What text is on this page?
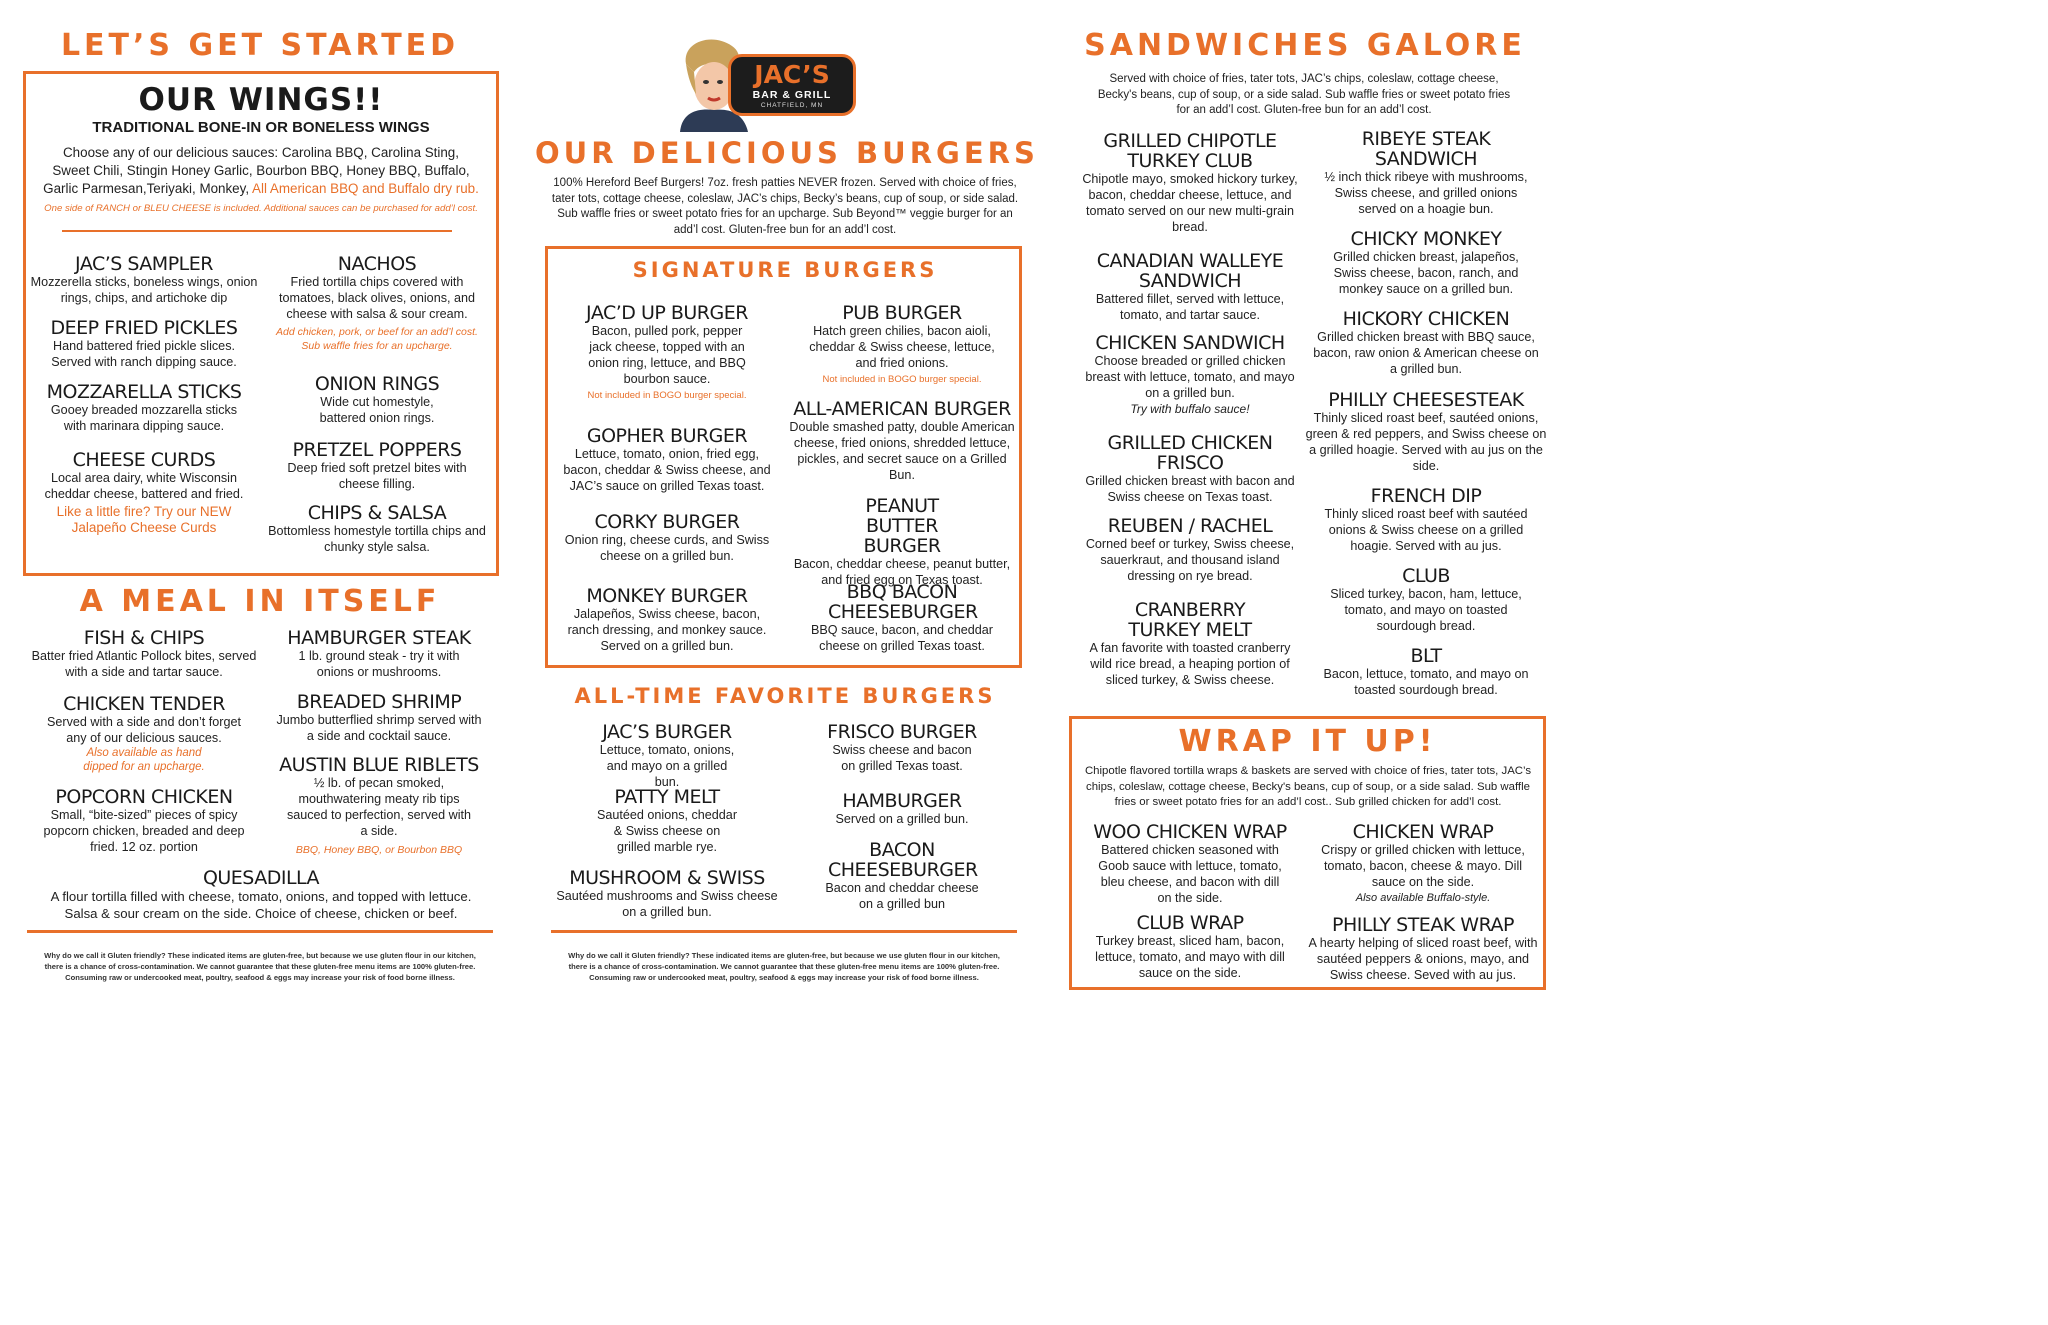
LET’S GET STARTED
OUR WINGS!!
TRADITIONAL BONE-IN OR BONELESS WINGS

Choose any of our delicious sauces: Carolina BBQ, Carolina Sting, Sweet Chili, Stingin Honey Garlic, Bourbon BBQ, Honey BBQ, Buffalo, Garlic Parmesan,Teriyaki, Monkey, All American BBQ and Buffalo dry rub.

One side of RANCH or BLEU CHEESE is included. Additional sauces can be purchased for add’l cost.

JAC’S SAMPLER

Mozzerella sticks, boneless wings, onion rings, chips, and artichoke dip

DEEP FRIED PICKLES

Hand battered fried pickle slices. Served with ranch dipping sauce.

MOZZARELLA STICKS

Gooey breaded mozzarella sticks with marinara dipping sauce.

CHEESE CURDS

Local area dairy, white Wisconsin cheddar cheese, battered and fried.

Like a little fire? Try our NEW Jalapeño Cheese Curds

NACHOS

Fried tortilla chips covered with tomatoes, black olives, onions, and cheese with salsa & sour cream.

Add chicken, pork, or beef for an add’l cost. Sub waffle fries for an upcharge.

ONION RINGS

Wide cut homestyle, battered onion rings.

PRETZEL POPPERS

Deep fried soft pretzel bites with cheese filling.

CHIPS & SALSA

Bottomless homestyle tortilla chips and chunky style salsa.

A MEAL IN ITSELF
FISH & CHIPS

Batter fried Atlantic Pollock bites, served with a side and tartar sauce.

CHICKEN TENDER

Served with a side and don’t forget any of our delicious sauces.

Also available as hand dipped for an upcharge.

POPCORN CHICKEN

Small, “bite-sized” pieces of spicy popcorn chicken, breaded and deep fried. 12 oz. portion

HAMBURGER STEAK

1 lb. ground steak - try it with onions or mushrooms.

BREADED SHRIMP

Jumbo butterflied shrimp served with a side and cocktail sauce.

AUSTIN BLUE RIBLETS

½ lb. of pecan smoked, mouthwatering meaty rib tips sauced to perfection, served with a side.

BBQ, Honey BBQ, or Bourbon BBQ

QUESADILLA

A flour tortilla filled with cheese, tomato, onions, and topped with lettuce. Salsa & sour cream on the side. Choice of cheese, chicken or beef.

Why do we call it Gluten friendly? These indicated items are gluten-free, but because we use gluten flour in our kitchen, there is a chance of cross-contamination. We cannot guarantee that these gluten-free menu items are 100% gluten-free. Consuming raw or undercooked meat, poultry, seafood & eggs may increase your risk of food borne illness.
JAC’S
BAR & GRILL
CHATFIELD, MN
OUR DELICIOUS BURGERS
100% Hereford Beef Burgers! 7oz. fresh patties NEVER frozen. Served with choice of fries, tater tots, cottage cheese, coleslaw, JAC’s chips, Becky’s beans, cup of soup, or side salad. Sub waffle fries or sweet potato fries for an upcharge. Sub Beyond™ veggie burger for an add’l cost. Gluten-free bun for an add’l cost.
SIGNATURE BURGERS
JAC’D UP BURGER

Bacon, pulled pork, pepper jack cheese, topped with an onion ring, lettuce, and BBQ bourbon sauce.

Not included in BOGO burger special.

GOPHER BURGER

Lettuce, tomato, onion, fried egg, bacon, cheddar & Swiss cheese, and JAC’s sauce on grilled Texas toast.

CORKY BURGER

Onion ring, cheese curds, and Swiss cheese on a grilled bun.

MONKEY BURGER

Jalapeños, Swiss cheese, bacon, ranch dressing, and monkey sauce. Served on a grilled bun.

PUB BURGER

Hatch green chilies, bacon aioli, cheddar & Swiss cheese, lettuce, and fried onions.

Not included in BOGO burger special.

ALL-AMERICAN BURGER

Double smashed patty, double American cheese, fried onions, shredded lettuce, pickles, and secret sauce on a Grilled Bun.

PEANUT BUTTER BURGER

Bacon, cheddar cheese, peanut butter, and fried egg on Texas toast.

BBQ BACON CHEESEBURGER

BBQ sauce, bacon, and cheddar cheese on grilled Texas toast.

ALL-TIME FAVORITE BURGERS
JAC’S BURGER

Lettuce, tomato, onions, and mayo on a grilled bun.

PATTY MELT

Sautéed onions, cheddar & Swiss cheese on grilled marble rye.

MUSHROOM & SWISS

Sautéed mushrooms and Swiss cheese on a grilled bun.

FRISCO BURGER

Swiss cheese and bacon on grilled Texas toast.

HAMBURGER

Served on a grilled bun.

BACON CHEESEBURGER

Bacon and cheddar cheese on a grilled bun

Why do we call it Gluten friendly? These indicated items are gluten-free, but because we use gluten flour in our kitchen, there is a chance of cross-contamination. We cannot guarantee that these gluten-free menu items are 100% gluten-free. Consuming raw or undercooked meat, poultry, seafood & eggs may increase your risk of food borne illness.
SANDWICHES GALORE
Served with choice of fries, tater tots, JAC’s chips, coleslaw, cottage cheese, Becky's beans, cup of soup, or a side salad. Sub waffle fries or sweet potato fries for an add’l cost. Gluten-free bun for an add’l cost.
GRILLED CHIPOTLE TURKEY CLUB

Chipotle mayo, smoked hickory turkey, bacon, cheddar cheese, lettuce, and tomato served on our new multi-grain bread.

CANADIAN WALLEYE SANDWICH

Battered fillet, served with lettuce, tomato, and tartar sauce.

CHICKEN SANDWICH

Choose breaded or grilled chicken breast with lettuce, tomato, and mayo on a grilled bun.

Try with buffalo sauce!

GRILLED CHICKEN FRISCO

Grilled chicken breast with bacon and Swiss cheese on Texas toast.

REUBEN / RACHEL

Corned beef or turkey, Swiss cheese, sauerkraut, and thousand island dressing on rye bread.

CRANBERRY TURKEY MELT

A fan favorite with toasted cranberry wild rice bread, a heaping portion of sliced turkey, & Swiss cheese.

RIBEYE STEAK SANDWICH

½ inch thick ribeye with mushrooms, Swiss cheese, and grilled onions served on a hoagie bun.

CHICKY MONKEY

Grilled chicken breast, jalapeños, Swiss cheese, bacon, ranch, and monkey sauce on a grilled bun.

HICKORY CHICKEN

Grilled chicken breast with BBQ sauce, bacon, raw onion & American cheese on a grilled bun.

PHILLY CHEESESTEAK

Thinly sliced roast beef, sautéed onions, green & red peppers, and Swiss cheese on a grilled hoagie. Served with au jus on the side.

FRENCH DIP

Thinly sliced roast beef with sautéed onions & Swiss cheese on a grilled hoagie. Served with au jus.

CLUB

Sliced turkey, bacon, ham, lettuce, tomato, and mayo on toasted sourdough bread.

BLT

Bacon, lettuce, tomato, and mayo on toasted sourdough bread.

WRAP IT UP!
Chipotle flavored tortilla wraps & baskets are served with choice of fries, tater tots, JAC’s chips, coleslaw, cottage cheese, Becky's beans, cup of soup, or a side salad. Sub waffle fries or sweet potato fries for an add’l cost.. Sub grilled chicken for add’l cost.
WOO CHICKEN WRAP

Battered chicken seasoned with Goob sauce with lettuce, tomato, bleu cheese, and bacon with dill on the side.

CLUB WRAP

Turkey breast, sliced ham, bacon, lettuce, tomato, and mayo with dill sauce on the side.

CHICKEN WRAP

Crispy or grilled chicken with lettuce, tomato, bacon, cheese & mayo. Dill sauce on the side.

Also available Buffalo-style.

PHILLY STEAK WRAP

A hearty helping of sliced roast beef, with sautéed peppers & onions, mayo, and Swiss cheese. Seved with au jus.
